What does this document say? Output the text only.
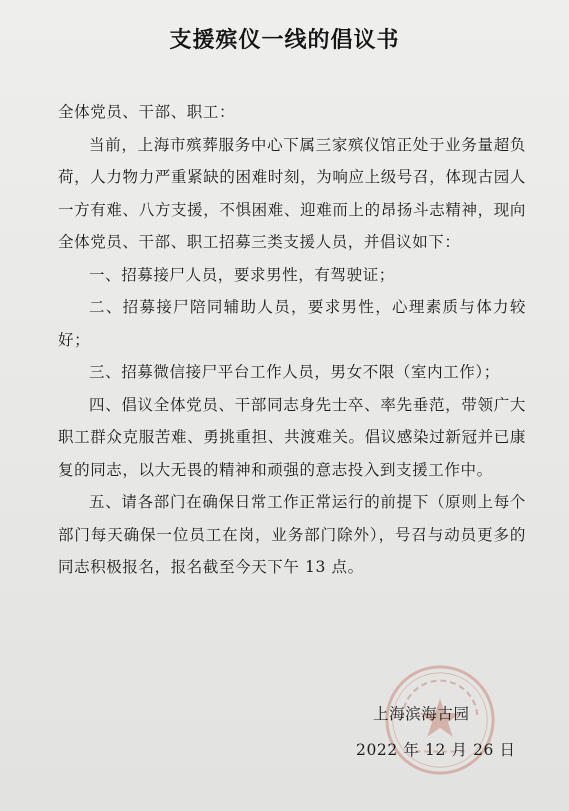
支援殡仪一线的倡议书

全体党员、干部、职工：

当前，上海市殡葬服务中心下属三家殡仪馆正处于业务量超负荷，人力物力严重紧缺的困难时刻，为响应上级号召，体现古园人一方有难、八方支援，不惧困难、迎难而上的昂扬斗志精神，现向全体党员、干部、职工招募三类支援人员，并倡议如下：

一、招募接尸人员，要求男性，有驾驶证；

二、招募接尸陪同辅助人员，要求男性，心理素质与体力较好；

三、招募微信接尸平台工作人员，男女不限（室内工作）；

四、倡议全体党员、干部同志身先士卒、率先垂范，带领广大职工群众克服苦难、勇挑重担、共渡难关。倡议感染过新冠并已康复的同志，以大无畏的精神和顽强的意志投入到支援工作中。

五、请各部门在确保日常工作正常运行的前提下（原则上每个部门每天确保一位员工在岗，业务部门除外），号召与动员更多的同志积极报名，报名截至今天下午 13 点。

上海滨海古园
2022 年 12 月 26 日
